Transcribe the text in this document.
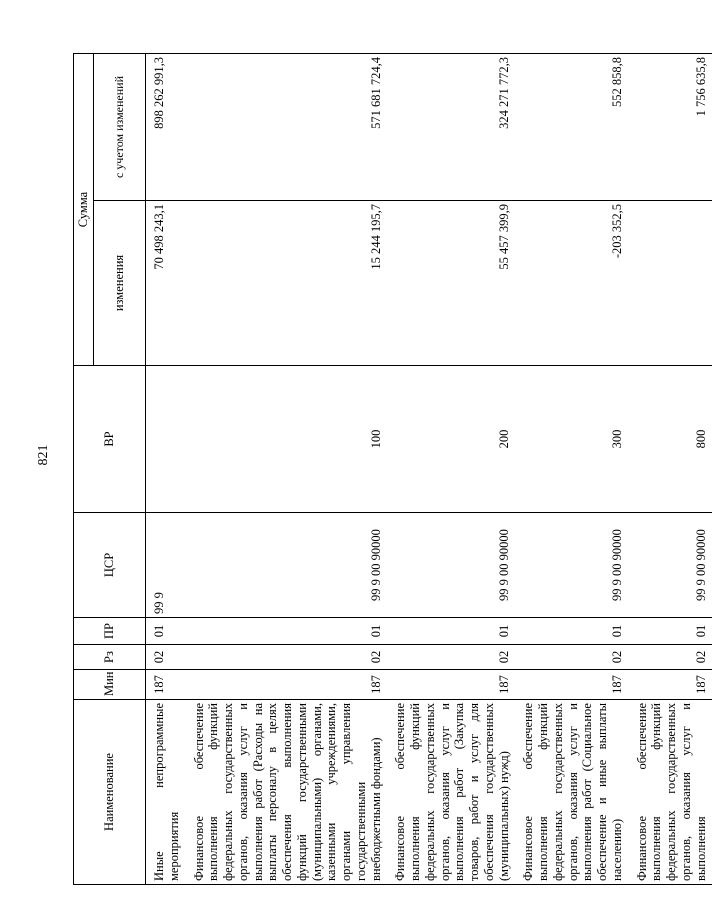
821
Наименование	Мин	Рз	ПР	ЦСР	ВР	Сумма	
						изменения	с учетом изменений
Иные непрограммные мероприятия	187	02	01	99 9		70 498 243,1	898 262 991,3
Финансовое обеспечение выполнения функций федеральных государственных органов, оказания услуг и выполнения работ (Расходы на выплаты персоналу в целях обеспечения выполнения функций государственными (муниципальными) органами, казенными учреждениями, органами управления государственными внебюджетными фондами)	187	02	01	99 9 00 90000	100	15 244 195,7	571 681 724,4
Финансовое обеспечение выполнения функций федеральных государственных органов, оказания услуг и выполнения работ (Закупка товаров, работ и услуг для обеспечения государственных (муниципальных) нужд)	187	02	01	99 9 00 90000	200	55 457 399,9	324 271 772,3
Финансовое обеспечение выполнения функций федеральных государственных органов, оказания услуг и выполнения работ (Социальное обеспечение и иные выплаты населению)	187	02	01	99 9 00 90000	300	-203 352,5	552 858,8
Финансовое обеспечение выполнения функций федеральных государственных органов, оказания услуг и выполнения	187	02	01	99 9 00 90000	800		1 756 635,8
